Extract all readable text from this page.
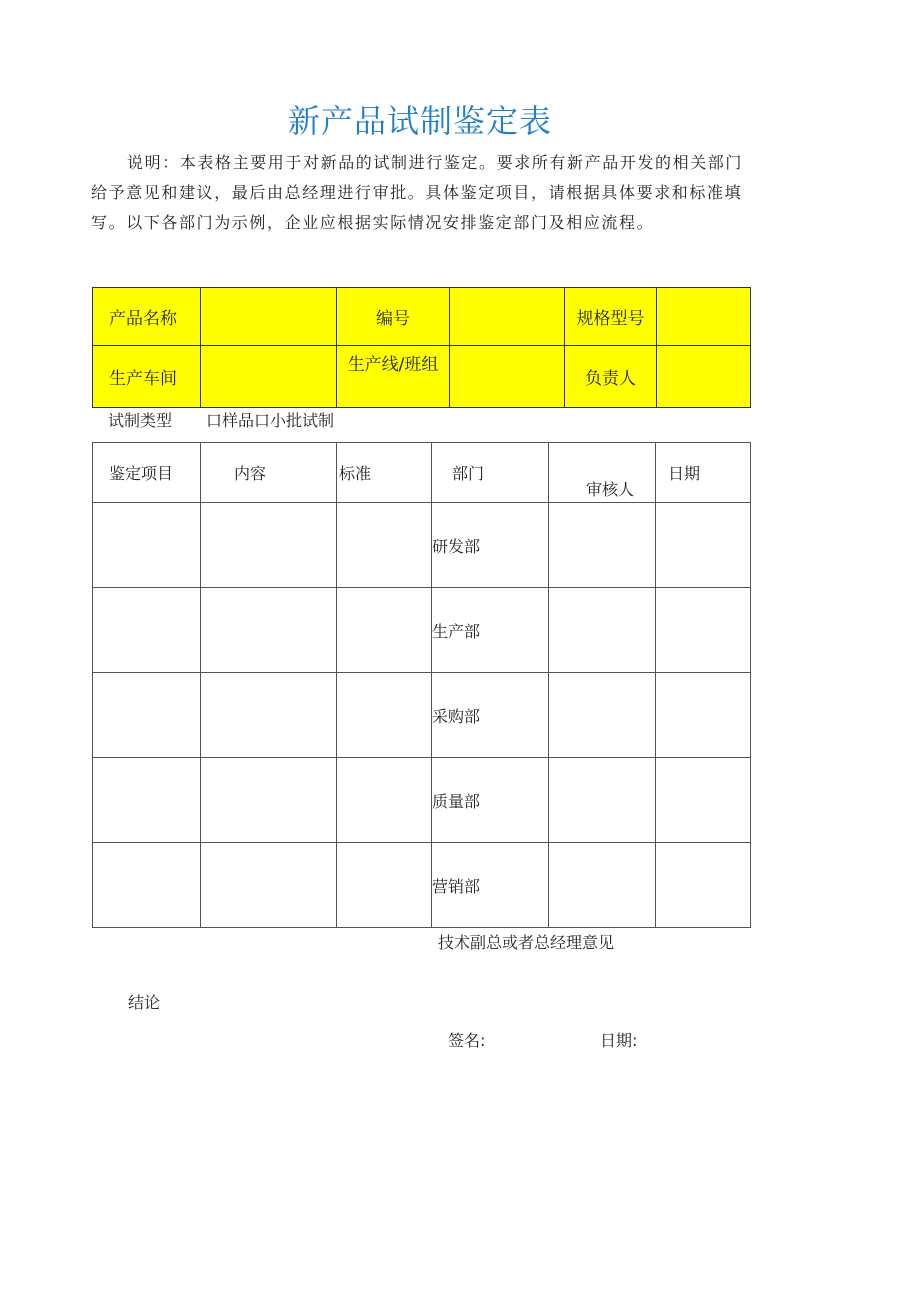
新产品试制鉴定表
说明：本表格主要用于对新品的试制进行鉴定。要求所有新产品开发的相关部门给予意见和建议，最后由总经理进行审批。具体鉴定项目，请根据具体要求和标准填写。以下各部门为示例，企业应根据实际情况安排鉴定部门及相应流程。
产品名称		编号		规格型号	
生产车间		生产线/班组		负责人	
试制类型 口样品口小批试制
鉴定项目	内容	标准	部门	审核人	日期
			研发部		
			生产部		
			采购部		
			质量部		
			营销部		
技术副总或者总经理意见
结论
签名:	日期:
